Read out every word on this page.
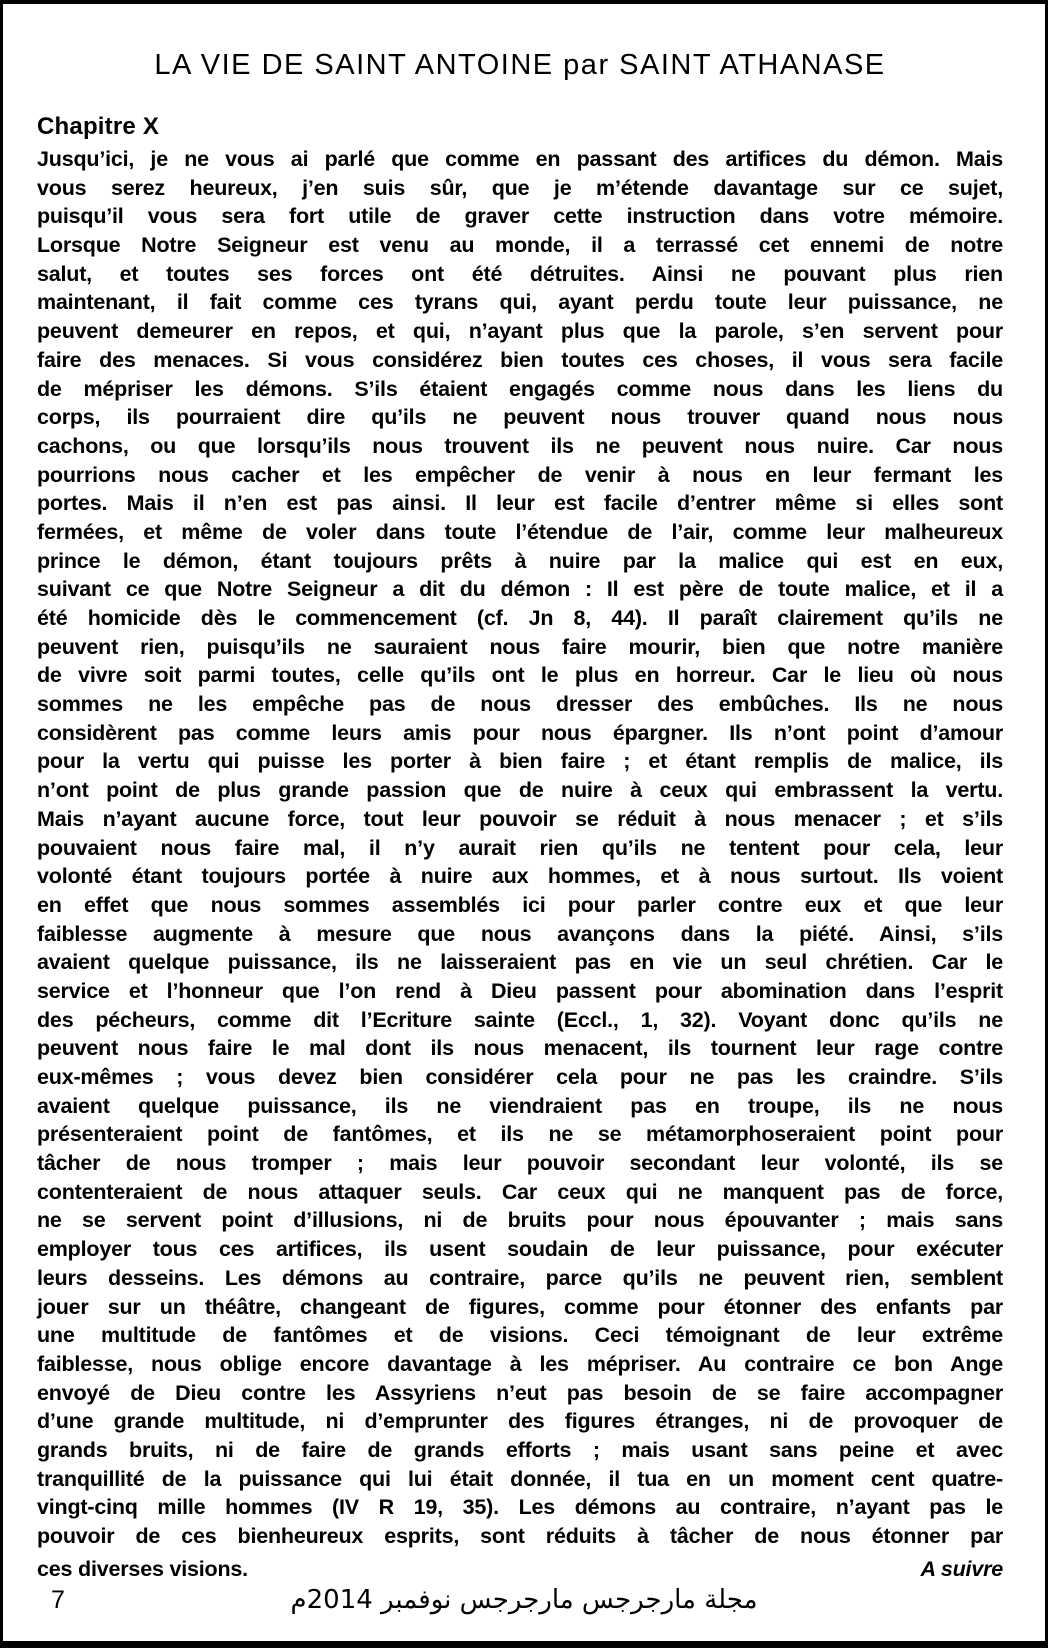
LA VIE DE SAINT ANTOINE par SAINT ATHANASE
Chapitre X
Jusqu’ici, je ne vous ai parlé que comme en passant des artifices du démon. Mais
vous serez heureux, j’en suis sûr, que je m’étende davantage sur ce sujet,
puisqu’il vous sera fort utile de graver cette instruction dans votre mémoire.
Lorsque Notre Seigneur est venu au monde, il a terrassé cet ennemi de notre
salut, et toutes ses forces ont été détruites. Ainsi ne pouvant plus rien
maintenant, il fait comme ces tyrans qui, ayant perdu toute leur puissance, ne
peuvent demeurer en repos, et qui, n’ayant plus que la parole, s’en servent pour
faire des menaces. Si vous considérez bien toutes ces choses, il vous sera facile
de mépriser les démons. S’ils étaient engagés comme nous dans les liens du
corps, ils pourraient dire qu’ils ne peuvent nous trouver quand nous nous
cachons, ou que lorsqu’ils nous trouvent ils ne peuvent nous nuire. Car nous
pourrions nous cacher et les empêcher de venir à nous en leur fermant les
portes. Mais il n’en est pas ainsi. Il leur est facile d’entrer même si elles sont
fermées, et même de voler dans toute l’étendue de l’air, comme leur malheureux
prince le démon, étant toujours prêts à nuire par la malice qui est en eux,
suivant ce que Notre Seigneur a dit du démon : Il est père de toute malice, et il a
été homicide dès le commencement (cf. Jn 8, 44). Il paraît clairement qu’ils ne
peuvent rien, puisqu’ils ne sauraient nous faire mourir, bien que notre manière
de vivre soit parmi toutes, celle qu’ils ont le plus en horreur. Car le lieu où nous
sommes ne les empêche pas de nous dresser des embûches. Ils ne nous
considèrent pas comme leurs amis pour nous épargner. Ils n’ont point d’amour
pour la vertu qui puisse les porter à bien faire ; et étant remplis de malice, ils
n’ont point de plus grande passion que de nuire à ceux qui embrassent la vertu.
Mais n’ayant aucune force, tout leur pouvoir se réduit à nous menacer ; et s’ils
pouvaient nous faire mal, il n’y aurait rien qu’ils ne tentent pour cela, leur
volonté étant toujours portée à nuire aux hommes, et à nous surtout. Ils voient
en effet que nous sommes assemblés ici pour parler contre eux et que leur
faiblesse augmente à mesure que nous avançons dans la piété. Ainsi, s’ils
avaient quelque puissance, ils ne laisseraient pas en vie un seul chrétien. Car le
service et l’honneur que l’on rend à Dieu passent pour abomination dans l’esprit
des pécheurs, comme dit l’Ecriture sainte (Eccl., 1, 32). Voyant donc qu’ils ne
peuvent nous faire le mal dont ils nous menacent, ils tournent leur rage contre
eux-mêmes ; vous devez bien considérer cela pour ne pas les craindre. S’ils
avaient quelque puissance, ils ne viendraient pas en troupe, ils ne nous
présenteraient point de fantômes, et ils ne se métamorphoseraient point pour
tâcher de nous tromper ; mais leur pouvoir secondant leur volonté, ils se
contenteraient de nous attaquer seuls. Car ceux qui ne manquent pas de force,
ne se servent point d’illusions, ni de bruits pour nous épouvanter ; mais sans
employer tous ces artifices, ils usent soudain de leur puissance, pour exécuter
leurs desseins. Les démons au contraire, parce qu’ils ne peuvent rien, semblent
jouer sur un théâtre, changeant de figures, comme pour étonner des enfants par
une multitude de fantômes et de visions. Ceci témoignant de leur extrême
faiblesse, nous oblige encore davantage à les mépriser. Au contraire ce bon Ange
envoyé de Dieu contre les Assyriens n’eut pas besoin de se faire accompagner
d’une grande multitude, ni d’emprunter des figures étranges, ni de provoquer de
grands bruits, ni de faire de grands efforts ; mais usant sans peine et avec
tranquillité de la puissance qui lui était donnée, il tua en un moment cent quatre-
vingt-cinq mille hommes (IV R 19, 35). Les démons au contraire, n’ayant pas le
pouvoir de ces bienheureux esprits, sont réduits à tâcher de nous étonner par
ces diverses visions.	A suivre
7	مجلة مارجرجس مارجرجس نوفمبر 2014م
